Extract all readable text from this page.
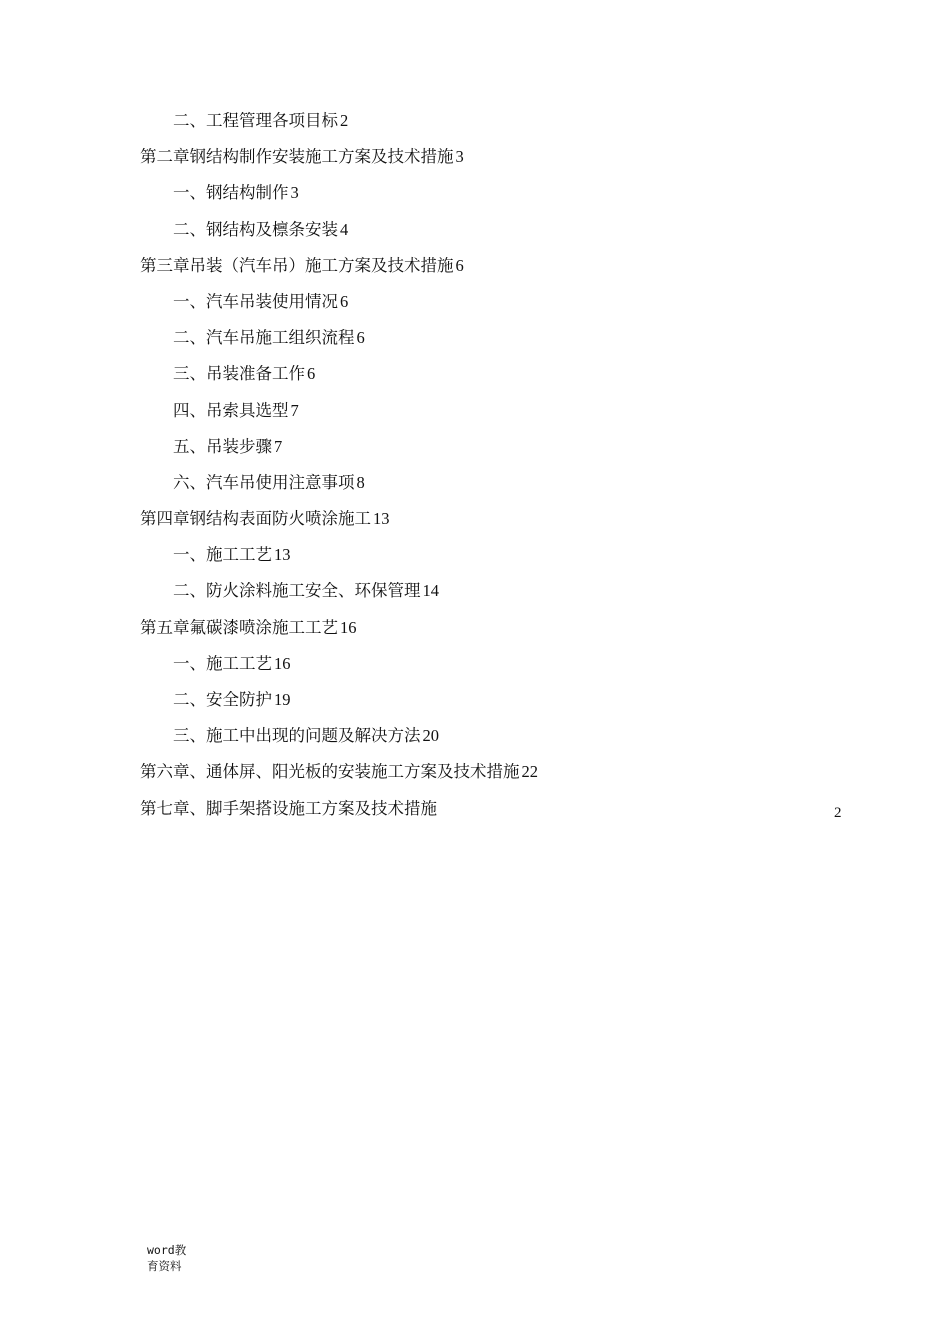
二、工程管理各项目标 2
第二章钢结构制作安装施工方案及技术措施 3
一、钢结构制作 3
二、钢结构及檩条安装 4
第三章吊装（汽车吊）施工方案及技术措施 6
一、汽车吊装使用情况 6
二、汽车吊施工组织流程 6
三、吊装准备工作 6
四、吊索具选型 7
五、吊装步骤 7
六、汽车吊使用注意事项 8
第四章钢结构表面防火喷涂施工 13
一、施工工艺 13
二、防火涂料施工安全、环保管理 14
第五章氟碳漆喷涂施工工艺 16
一、施工工艺 16
二、安全防护 19
三、施工中出现的问题及解决方法 20
第六章、通体屏、阳光板的安装施工方案及技术措施 22
第七章、脚手架搭设施工方案及技术措施	2
word教
育资料
